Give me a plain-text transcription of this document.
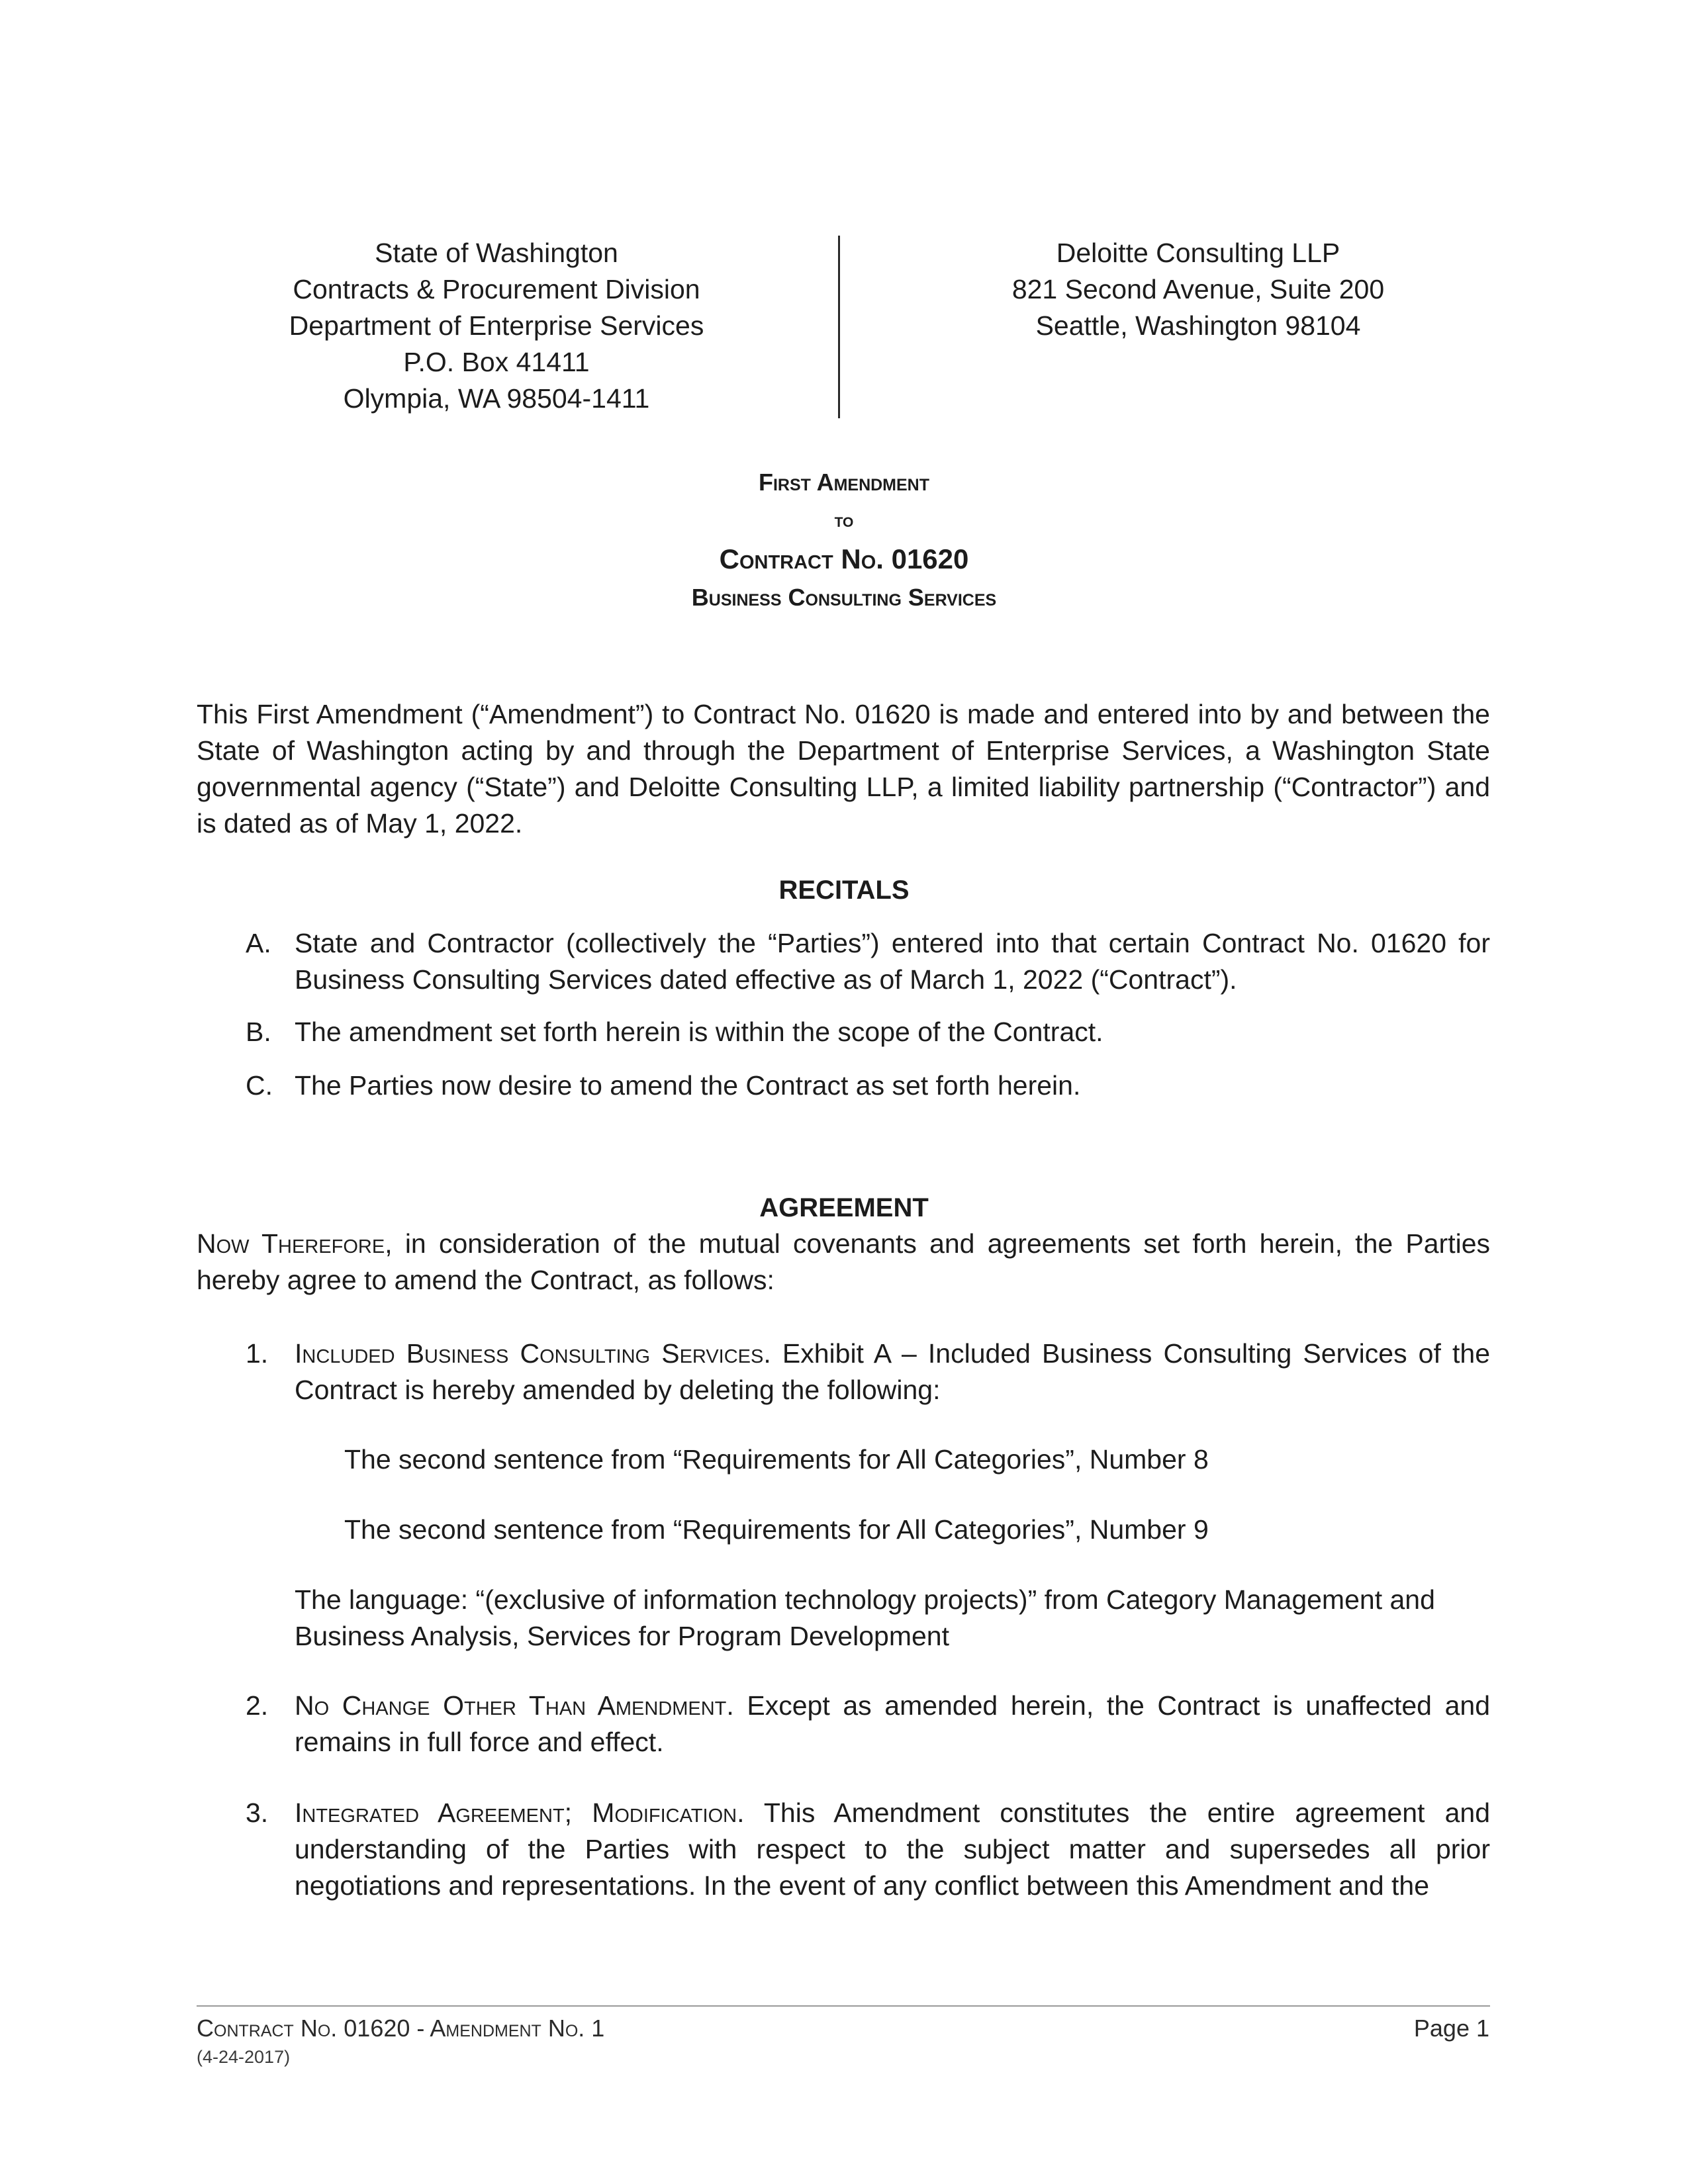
State of Washington
Contracts & Procurement Division
Department of Enterprise Services
P.O. Box 41411
Olympia, WA 98504-1411
Deloitte Consulting LLP
821 Second Avenue, Suite 200
Seattle, Washington 98104
First Amendment
to
Contract No. 01620
Business Consulting Services
This First Amendment (“Amendment”) to Contract No. 01620 is made and entered into by and between the State of Washington acting by and through the Department of Enterprise Services, a Washington State governmental agency (“State”) and Deloitte Consulting LLP, a limited liability partnership (“Contractor”) and is dated as of May 1, 2022.
RECITALS
A. State and Contractor (collectively the “Parties”) entered into that certain Contract No. 01620 for Business Consulting Services dated effective as of March 1, 2022 (“Contract”).
B. The amendment set forth herein is within the scope of the Contract.
C. The Parties now desire to amend the Contract as set forth herein.
AGREEMENT
Now Therefore, in consideration of the mutual covenants and agreements set forth herein, the Parties hereby agree to amend the Contract, as follows:
1. Included Business Consulting Services. Exhibit A – Included Business Consulting Services of the Contract is hereby amended by deleting the following:
The second sentence from “Requirements for All Categories”, Number 8
The second sentence from “Requirements for All Categories”, Number 9
The language: “(exclusive of information technology projects)” from Category Management and Business Analysis, Services for Program Development
2. No Change Other Than Amendment. Except as amended herein, the Contract is unaffected and remains in full force and effect.
3. Integrated Agreement; Modification. This Amendment constitutes the entire agreement and understanding of the Parties with respect to the subject matter and supersedes all prior negotiations and representations. In the event of any conflict between this Amendment and the
Contract No. 01620 - Amendment No. 1	Page 1
(4-24-2017)
